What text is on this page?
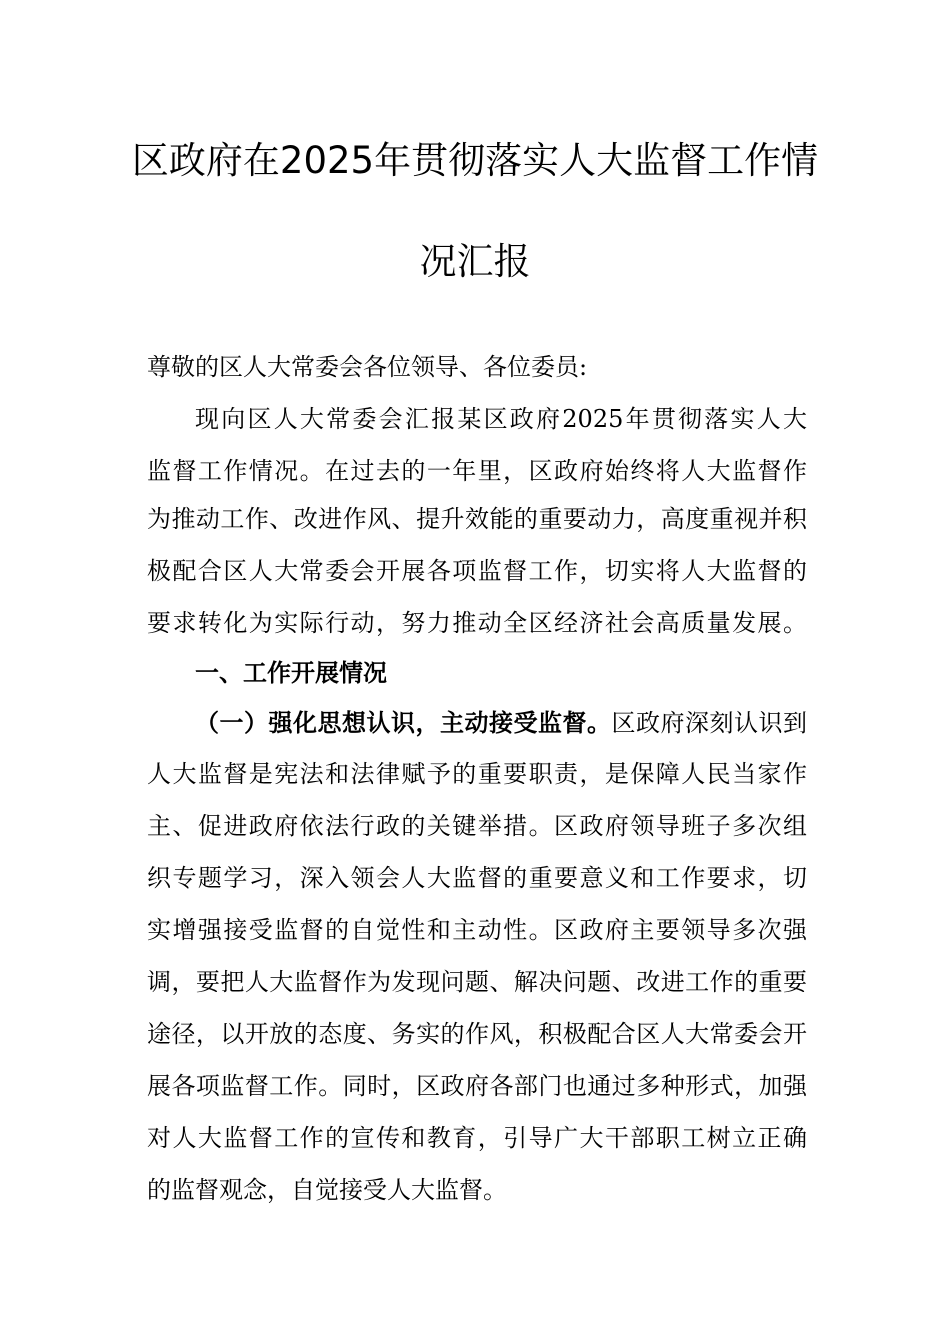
区政府在2025年贯彻落实人大监督工作情
况汇报
尊敬的区人大常委会各位领导、各位委员:
现向区人大常委会汇报某区政府2025年贯彻落实人大
监督工作情况。在过去的一年里，区政府始终将人大监督作
为推动工作、改进作风、提升效能的重要动力，高度重视并积
极配合区人大常委会开展各项监督工作，切实将人大监督的
要求转化为实际行动，努力推动全区经济社会高质量发展。
一、工作开展情况
（一）强化思想认识，主动接受监督。区政府深刻认识到
人大监督是宪法和法律赋予的重要职责，是保障人民当家作
主、促进政府依法行政的关键举措。区政府领导班子多次组
织专题学习，深入领会人大监督的重要意义和工作要求，切
实增强接受监督的自觉性和主动性。区政府主要领导多次强
调，要把人大监督作为发现问题、解决问题、改进工作的重要
途径，以开放的态度、务实的作风，积极配合区人大常委会开
展各项监督工作。同时，区政府各部门也通过多种形式，加强
对人大监督工作的宣传和教育，引导广大干部职工树立正确
的监督观念，自觉接受人大监督。
